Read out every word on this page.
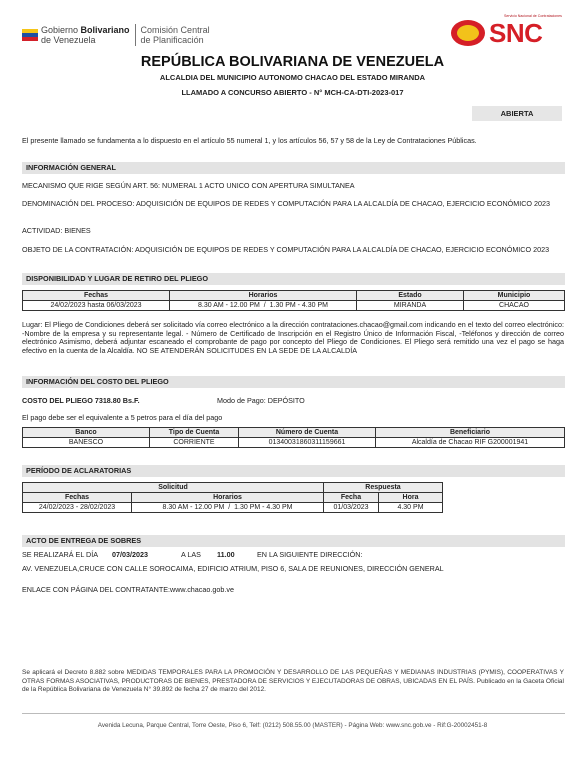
Gobierno Bolivariano
de Venezuela
Comisión Central
de Planificación
Servicio Nacional de Contrataciones
SNC
REPÚBLICA BOLIVARIANA DE VENEZUELA
ALCALDIA DEL MUNICIPIO AUTONOMO CHACAO DEL ESTADO MIRANDA
LLAMADO A CONCURSO ABIERTO - N° MCH-CA-DTI-2023-017
ABIERTA
El presente llamado se fundamenta a lo dispuesto en el artículo 55 numeral 1, y los artículos 56, 57 y 58 de la Ley de Contrataciones Públicas.
INFORMACIÓN GENERAL
MECANISMO QUE RIGE SEGÚN ART. 56: NUMERAL 1 ACTO UNICO CON APERTURA SIMULTANEA
DENOMINACIÓN DEL PROCESO: ADQUISICIÓN DE EQUIPOS DE REDES Y COMPUTACIÓN PARA LA ALCALDÍA DE CHACAO, EJERCICIO ECONÓMICO 2023
ACTIVIDAD: BIENES
OBJETO DE LA CONTRATACIÓN: ADQUISICIÓN DE EQUIPOS DE REDES Y COMPUTACIÓN PARA LA ALCALDÍA DE CHACAO, EJERCICIO ECONÓMICO 2023
DISPONIBILIDAD Y LUGAR DE RETIRO DEL PLIEGO
Fechas	Horarios	Estado	Municipio
24/02/2023 hasta 06/03/2023	8.30 AM - 12.00 PM / 1.30 PM - 4.30 PM	MIRANDA	CHACAO
Lugar: El Pliego de Condiciones deberá ser solicitado vía correo electrónico a la dirección contrataciones.chacao@gmail.com indicando en el texto del correo electrónico: -Nombre de la empresa y su representante legal. - Número de Certificado de Inscripción en el Registro Único de Información Fiscal, -Teléfonos y dirección de correo electrónico Asimismo, deberá adjuntar escaneado el comprobante de pago por concepto del Pliego de Condiciones. El Pliego será remitido una vez el pago se haga efectivo en la cuenta de la Alcaldía. NO SE ATENDERÁN SOLICITUDES EN LA SEDE DE LA ALCALDÍA
INFORMACIÓN DEL COSTO DEL PLIEGO
COSTO DEL PLIEGO 7318.80 Bs.F.	Modo de Pago: DEPÓSITO
El pago debe ser el equivalente a 5 petros para el día del pago
Banco	Tipo de Cuenta	Número de Cuenta	Beneficiario
BANESCO	CORRIENTE	01340031860311159661	Alcaldía de Chacao RIF G200001941
PERÍODO DE ACLARATORIAS
Solicitud		Respuesta	
Fechas	Horarios	Fecha	Hora
24/02/2023 - 28/02/2023	8.30 AM - 12.00 PM / 1.30 PM - 4.30 PM	01/03/2023	4.30 PM
ACTO DE ENTREGA DE SOBRES
SE REALIZARÁ EL DÍA 07/03/2023	A LAS 11.00	EN LA SIGUIENTE DIRECCIÓN:
AV. VENEZUELA,CRUCE CON CALLE SOROCAIMA, EDIFICIO ATRIUM, PISO 6, SALA DE REUNIONES, DIRECCIÓN GENERAL
ENLACE CON PÁGINA DEL CONTRATANTE:www.chacao.gob.ve
Se aplicará el Decreto 8.882 sobre MEDIDAS TEMPORALES PARA LA PROMOCIÓN Y DESARROLLO DE LAS PEQUEÑAS Y MEDIANAS INDUSTRIAS (PYMIS), COOPERATIVAS Y OTRAS FORMAS ASOCIATIVAS, PRODUCTORAS DE BIENES, PRESTADORA DE SERVICIOS Y EJECUTADORAS DE OBRAS, UBICADAS EN EL PAÍS. Publicado en la Gaceta Oficial de la República Bolivariana de Venezuela N° 39.892 de fecha 27 de marzo del 2012.
Avenida Lecuna, Parque Central, Torre Oeste, Piso 6, Telf: (0212) 508.55.00 (MASTER) - Página Web: www.snc.gob.ve - Rif:G-20002451-8
